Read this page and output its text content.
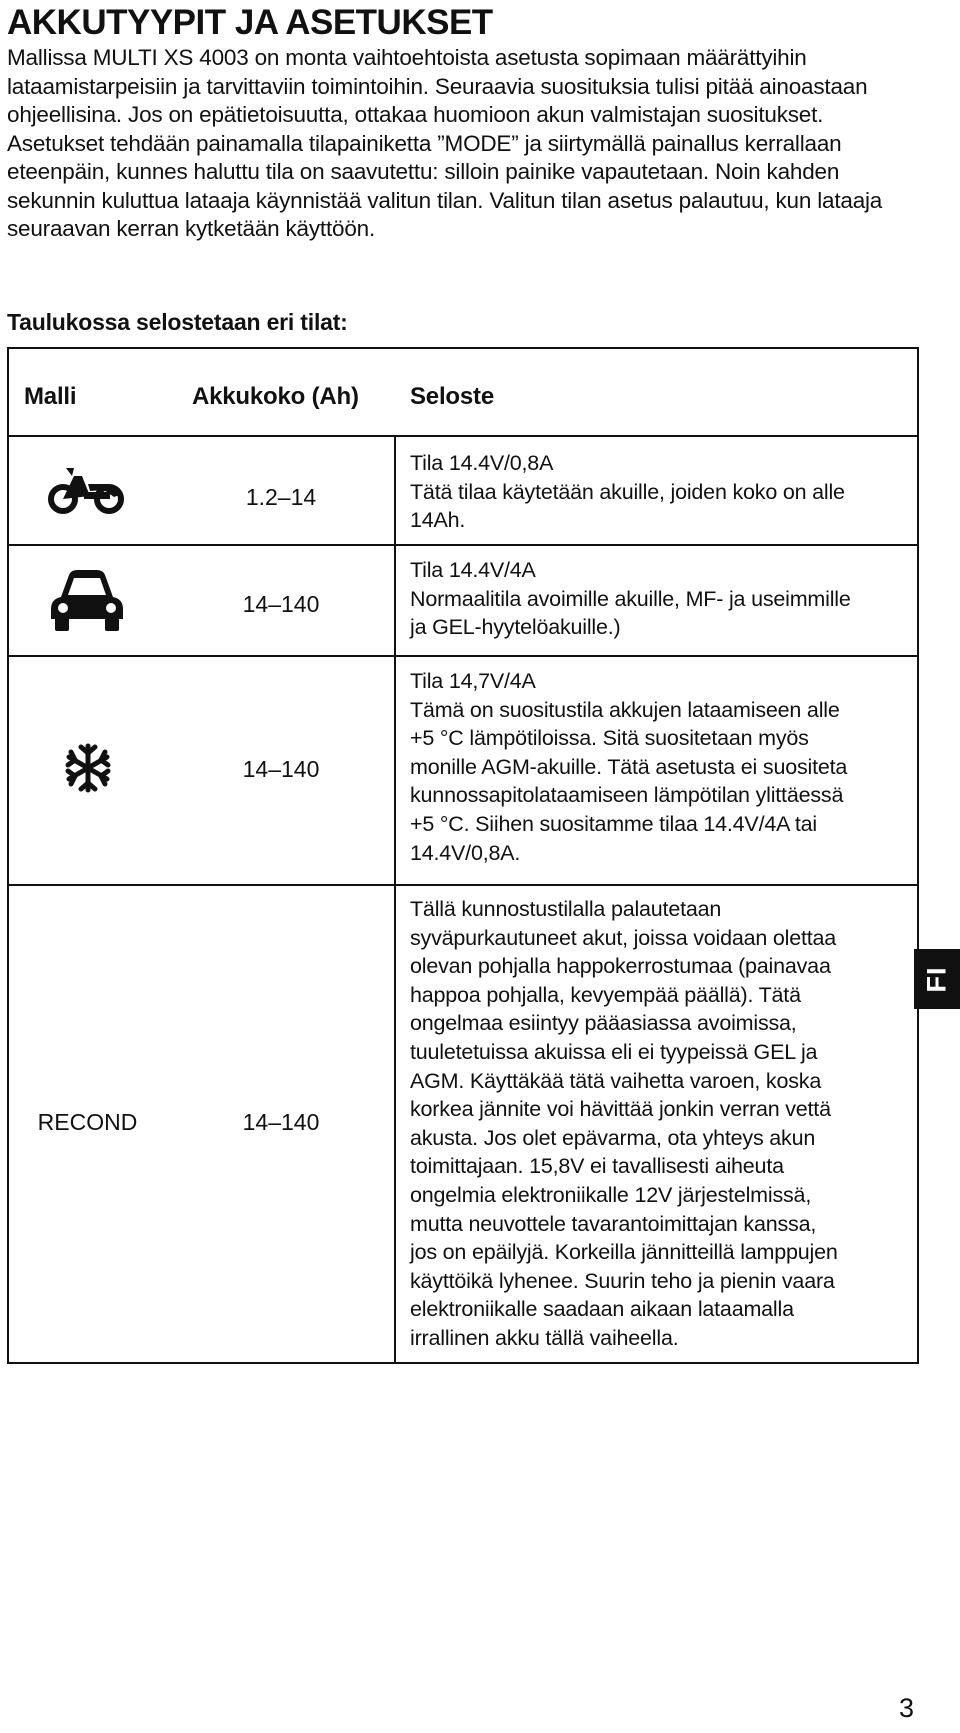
AKKUTYYPIT JA ASETUKSET

Mallissa MULTI XS 4003 on monta vaihtoehtoista asetusta sopimaan määrättyihin lataamistarpeisiin ja tarvittaviin toimintoihin. Seuraavia suosituksia tulisi pitää ainoastaan ohjeellisina. Jos on epätietoisuutta, ottakaa huomioon akun valmistajan suositukset.

Asetukset tehdään painamalla tilapainiketta ”MODE” ja siirtymällä painallus kerrallaan eteenpäin, kunnes haluttu tila on saavutettu: silloin painike vapautetaan. Noin kahden sekunnin kuluttua lataaja käynnistää valitun tilan. Valitun tilan asetus palautuu, kun lataaja seuraavan kerran kytketään käyttöön.

Taulukossa selostetaan eri tilat:
Malli	Akkukoko (Ah) Seloste
1.2–14
Tila 14.4V/0,8A
Tätä tilaa käytetään akuille, joiden koko on alle
14Ah.
14–140
Tila 14.4V/4A
Normaalitila avoimille akuille, MF- ja useimmille
ja GEL-hyytelöakuille.)
14–140
Tila 14,7V/4A
Tämä on suositustila akkujen lataamiseen alle
+5 °C lämpötiloissa. Sitä suositetaan myös
monille AGM-akuille. Tätä asetusta ei suositeta
kunnossapitolataamiseen lämpötilan ylittäessä
+5 °C. Siihen suositamme tilaa 14.4V/4A tai
14.4V/0,8A.
RECOND	14–140
Tällä kunnostustilalla palautetaan
syväpurkautuneet akut, joissa voidaan olettaa
olevan pohjalla happokerrostumaa (painavaa
happoa pohjalla, kevyempää päällä). Tätä
ongelmaa esiintyy pääasiassa avoimissa,
tuuletetuissa akuissa eli ei tyypeissä GEL ja
AGM. Käyttäkää tätä vaihetta varoen, koska
korkea jännite voi hävittää jonkin verran vettä
akusta. Jos olet epävarma, ota yhteys akun
toimittajaan. 15,8V ei tavallisesti aiheuta
ongelmia elektroniikalle 12V järjestelmissä,
mutta neuvottele tavarantoimittajan kanssa,
jos on epäilyjä. Korkeilla jännitteillä lamppujen
käyttöikä lyhenee. Suurin teho ja pienin vaara
elektroniikalle saadaan aikaan lataamalla
irrallinen akku tällä vaiheella.
FI
3
